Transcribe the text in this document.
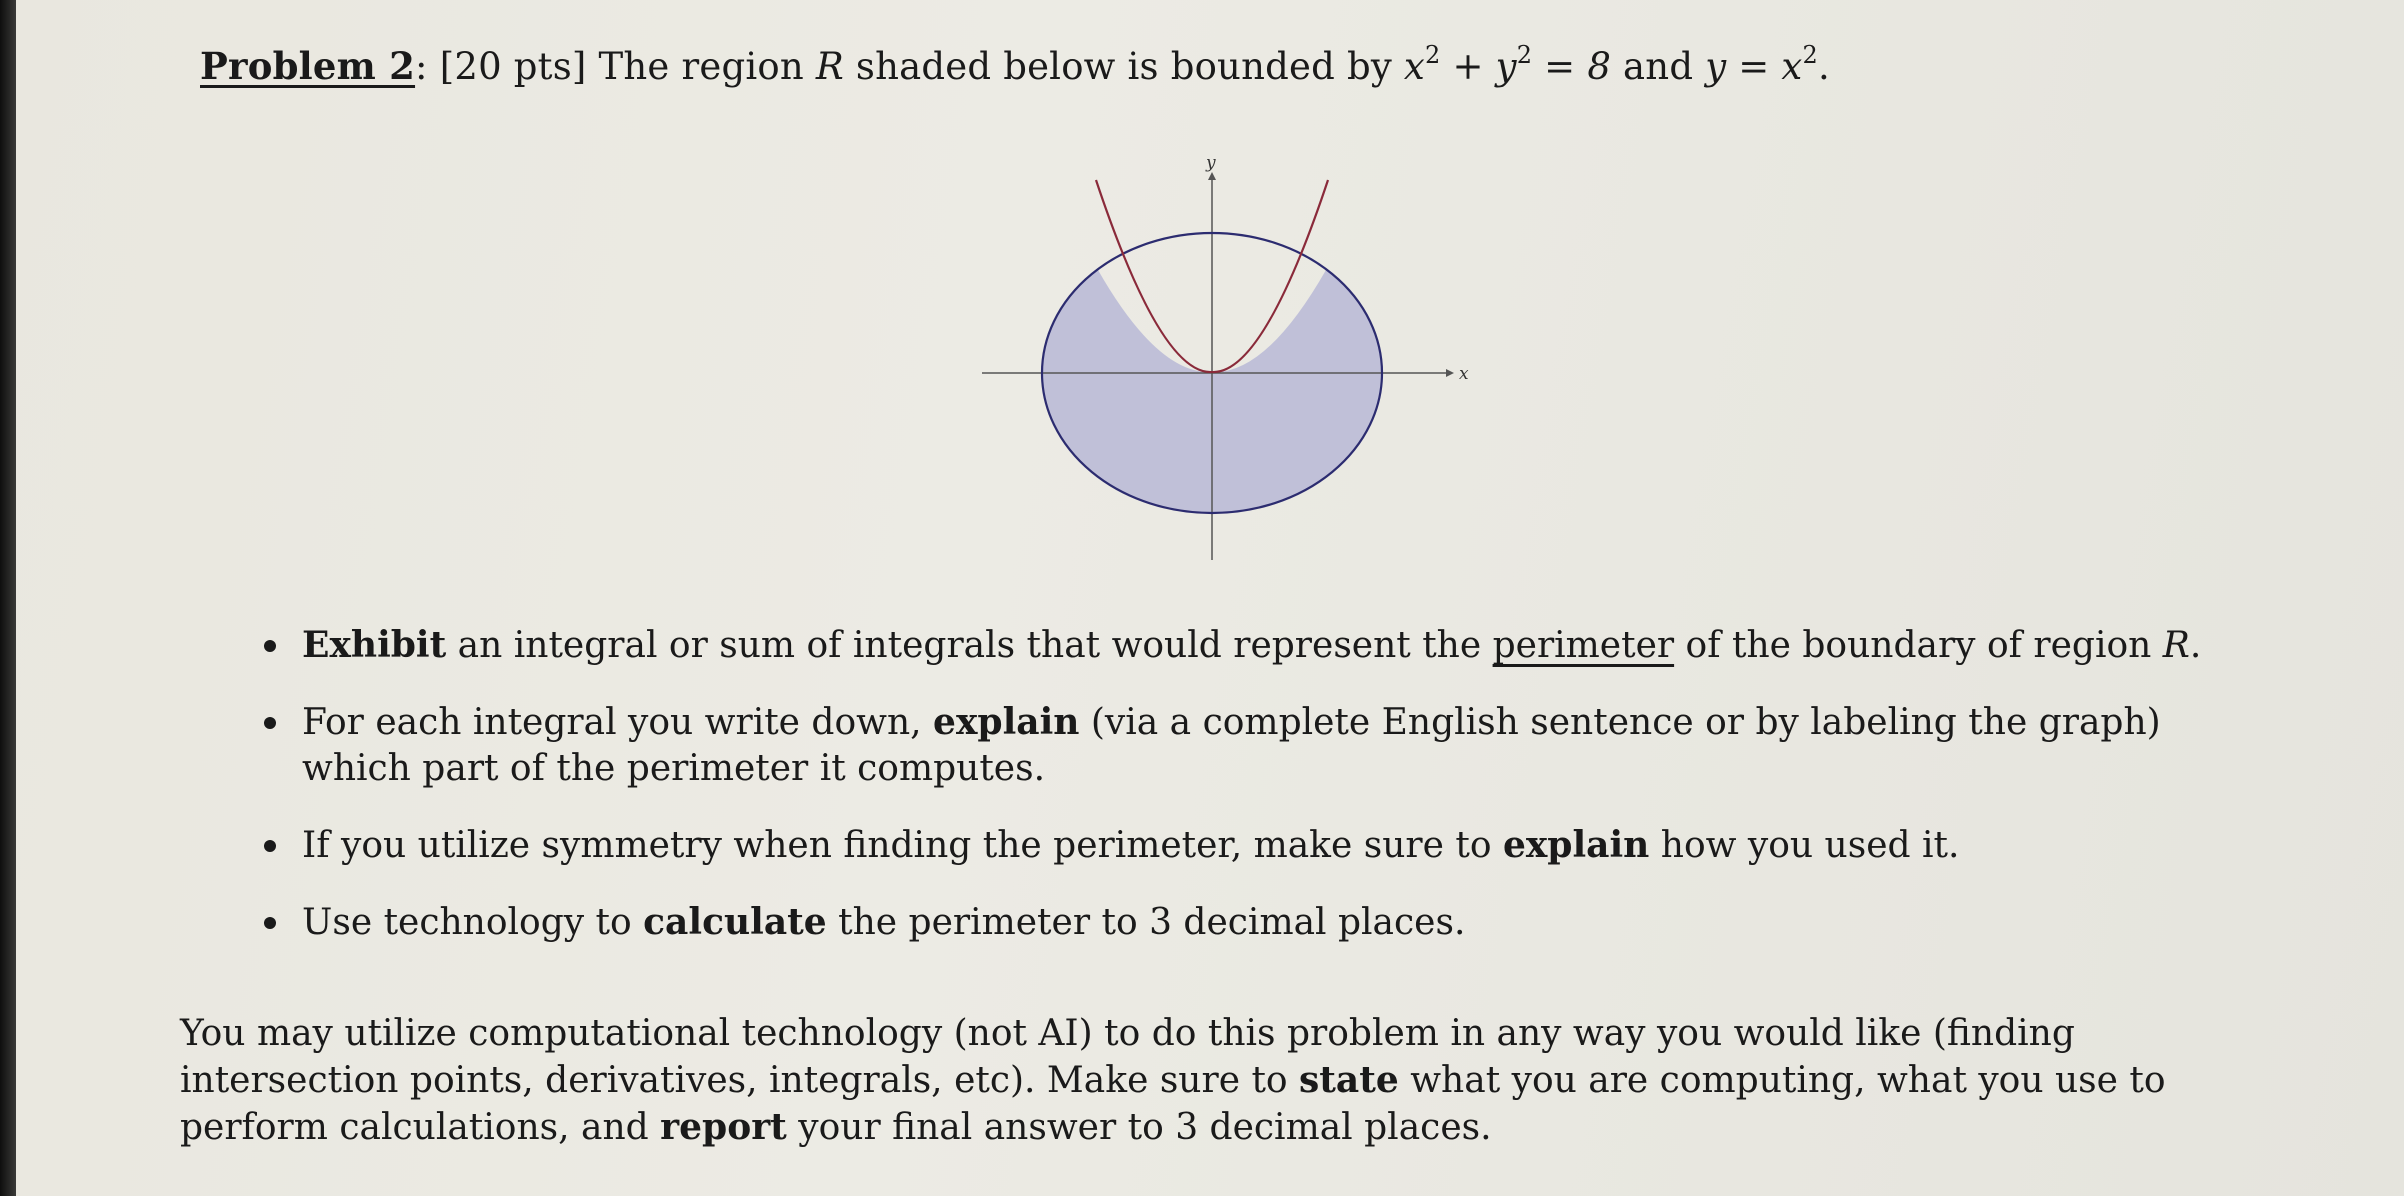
Problem 2: [20 pts] The region R shaded below is bounded by $x^2 + y^2 = 8$ and $y = x^2$.
y
x
Exhibit an integral or sum of integrals that would represent the perimeter of the boundary of region R.
For each integral you write down, explain (via a complete English sentence or by labeling the graph) which part of the perimeter it computes.
If you utilize symmetry when finding the perimeter, make sure to explain how you used it.
Use technology to calculate the perimeter to 3 decimal places.
You may utilize computational technology (not AI) to do this problem in any way you would like (finding intersection points, derivatives, integrals, etc). Make sure to state what you are computing, what you use to perform calculations, and report your final answer to 3 decimal places.
